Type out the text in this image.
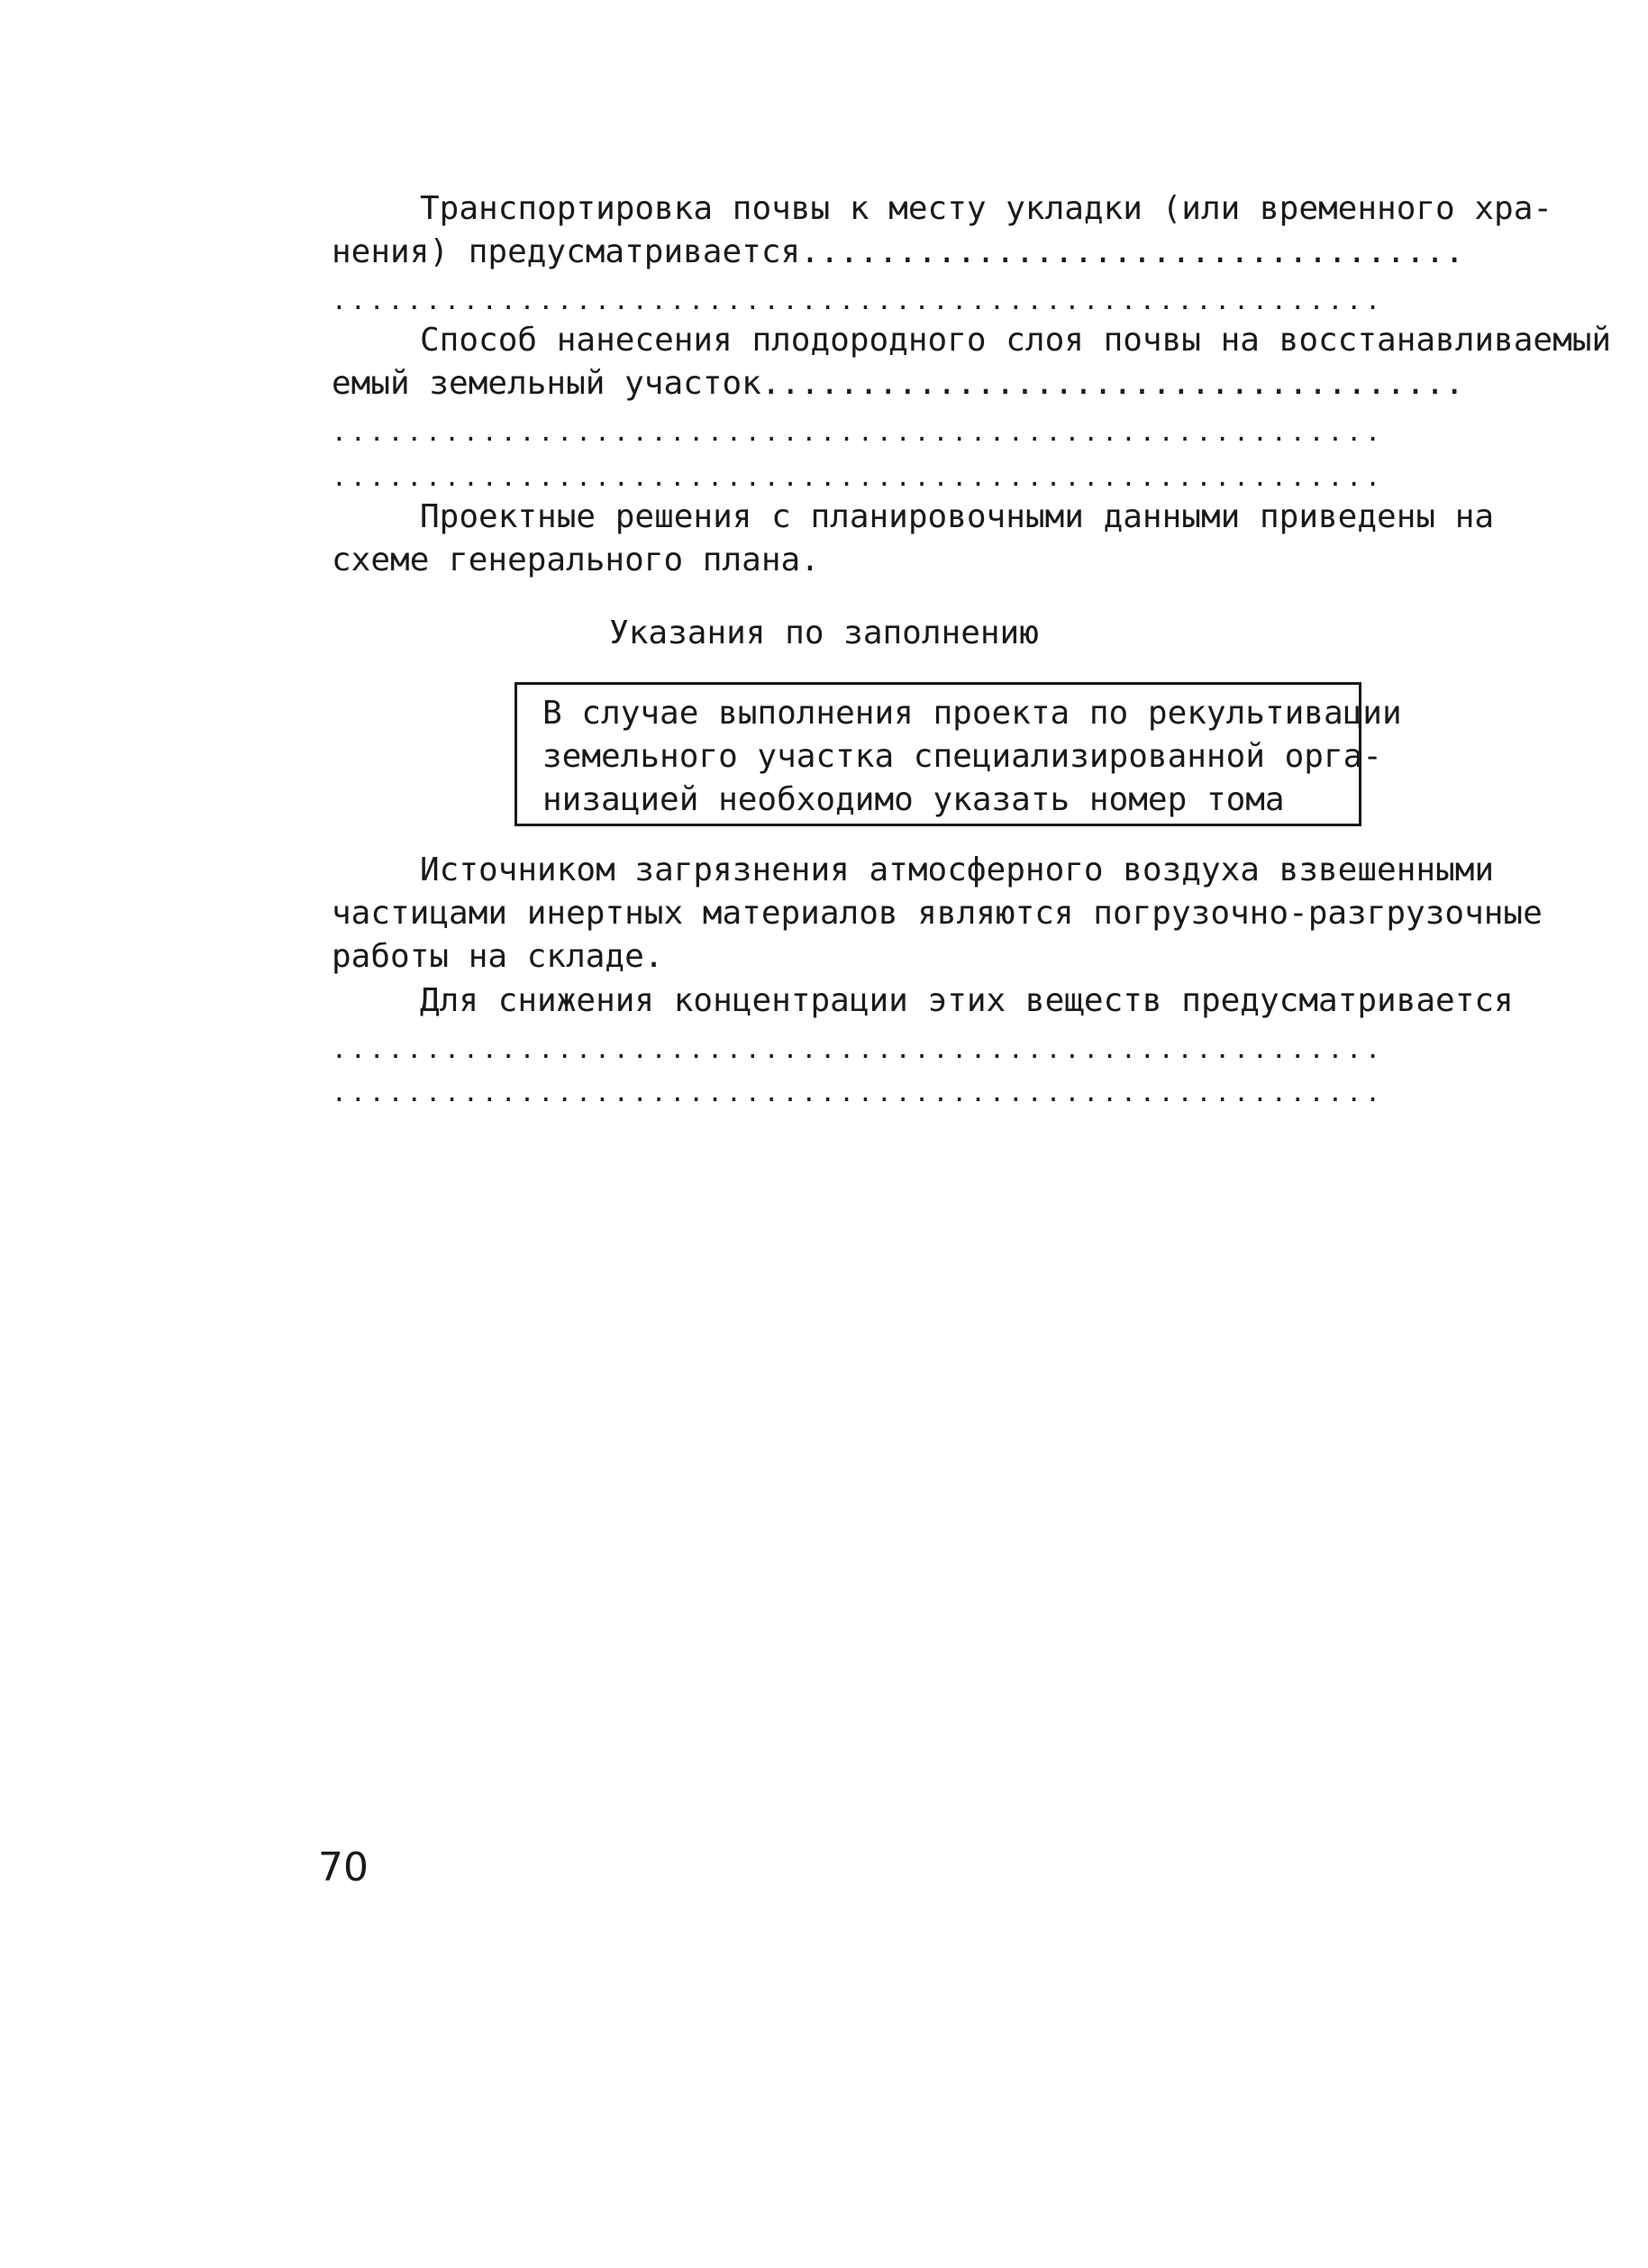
Транспортировка почвы к месту укладки (или временного хра-
нения) предусматривается..................................
........................................................
Способ нанесения плодородного слоя почвы на восстанавливаемый
емый земельный участок....................................
........................................................
........................................................
Проектные решения с планировочными данными приведены на
схеме генерального плана.
Указания по заполнению
В случае выполнения проекта по рекультивации
земельного участка специализированной орга-
низацией необходимо указать номер тома
Источником загрязнения атмосферного воздуха взвешенными
частицами инертных материалов являются погрузочно-разгрузочные
работы на складе.
Для снижения концентрации этих веществ предусматривается
........................................................
........................................................
70
